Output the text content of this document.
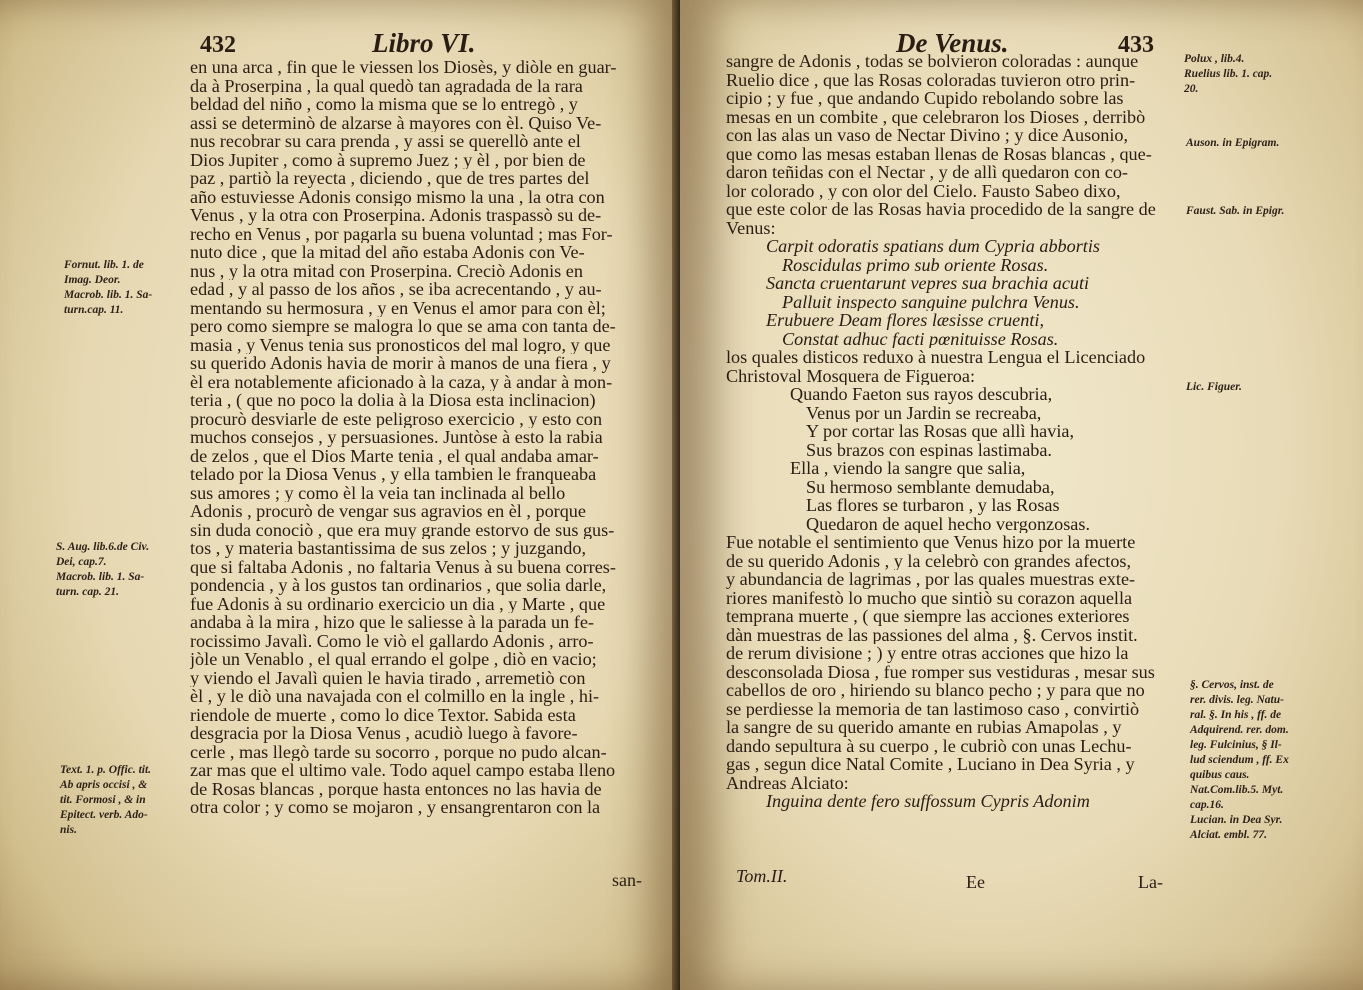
432	Libro VI.
en una arca , fin que le viessen los Diosès, y diòle en guar-
da à Proserpina , la qual quedò tan agradada de la rara
beldad del niño , como la misma que se lo entregò , y
assi se determinò de alzarse à mayores con èl. Quiso Ve-
nus recobrar su cara prenda , y assi se querellò ante el
Dios Jupiter , como à supremo Juez ; y èl , por bien de
paz , partiò la reyecta , diciendo , que de tres partes del
año estuviesse Adonis consigo mismo la una , la otra con
Venus , y la otra con Proserpina. Adonis traspassò su de-
recho en Venus , por pagarla su buena voluntad ; mas For-
nuto dice , que la mitad del año estaba Adonis con Ve-
nus , y la otra mitad con Proserpina. Creciò Adonis en
edad , y al passo de los años , se iba acrecentando , y au-
mentando su hermosura , y en Venus el amor para con èl;
pero como siempre se malogra lo que se ama con tanta de-
masia , y Venus tenia sus pronosticos del mal logro, y que
su querido Adonis havia de morir à manos de una fiera , y
èl era notablemente aficionado à la caza, y à andar à mon-
teria , ( que no poco la dolia à la Diosa esta inclinacion)
procurò desviarle de este peligroso exercicio , y esto con
muchos consejos , y persuasiones. Juntòse à esto la rabia
de zelos , que el Dios Marte tenia , el qual andaba amar-
telado por la Diosa Venus , y ella tambien le franqueaba
sus amores ; y como èl la veia tan inclinada al bello
Adonis , procurò de vengar sus agravios en èl , porque
sin duda conociò , que era muy grande estorvo de sus gus-
tos , y materia bastantissima de sus zelos ; y juzgando,
que si faltaba Adonis , no faltaria Venus à su buena corres-
pondencia , y à los gustos tan ordinarios , que solia darle,
fue Adonis à su ordinario exercicio un dia , y Marte , que
andaba à la mira , hizo que le saliesse à la parada un fe-
rocissimo Javalì. Como le viò el gallardo Adonis , arro-
jòle un Venablo , el qual errando el golpe , diò en vacio;
y viendo el Javalì quien le havia tirado , arremetiò con
èl , y le diò una navajada con el colmillo en la ingle , hi-
riendole de muerte , como lo dice Textor. Sabida esta
desgracia por la Diosa Venus , acudiò luego à favore-
cerle , mas llegò tarde su socorro , porque no pudo alcan-
zar mas que el ultimo vale. Todo aquel campo estaba lleno
de Rosas blancas , porque hasta entonces no las havia de
otra color ; y como se mojaron , y ensangrentaron con la
san-
Fornut. lib. 1. de
Imag. Deor.
Macrob. lib. 1. Sa-
turn.cap. 11.
S. Aug. lib.6.de Civ.
Dei, cap.7.
Macrob. lib. 1. Sa-
turn. cap. 21.
Text. 1. p. Offic. tit.
Ab apris occisi , &
tit. Formosi , & in
Epitect. verb. Ado-
nis.
De Venus.	433
sangre de Adonis , todas se bolvieron coloradas : aunque
Ruelio dice , que las Rosas coloradas tuvieron otro prin-
cipio ; y fue , que andando Cupido rebolando sobre las
mesas en un combite , que celebraron los Dioses , derribò
con las alas un vaso de Nectar Divino ; y dice Ausonio,
que como las mesas estaban llenas de Rosas blancas , que-
daron teñidas con el Nectar , y de allì quedaron con co-
lor colorado , y con olor del Cielo. Fausto Sabeo dixo,
que este color de las Rosas havia procedido de la sangre de
Venus:
Carpit odoratis spatians dum Cypria abbortis
Roscidulas primo sub oriente Rosas.
Sancta cruentarunt vepres sua brachia acuti
Palluit inspecto sanguine pulchra Venus.
Erubuere Deam flores læsisse cruenti,
Constat adhuc facti pœnituisse Rosas.
los quales disticos reduxo à nuestra Lengua el Licenciado
Christoval Mosquera de Figueroa:
Quando Faeton sus rayos descubria,
Venus por un Jardin se recreaba,
Y por cortar las Rosas que allì havia,
Sus brazos con espinas lastimaba.
Ella , viendo la sangre que salia,
Su hermoso semblante demudaba,
Las flores se turbaron , y las Rosas
Quedaron de aquel hecho vergonzosas.
Fue notable el sentimiento que Venus hizo por la muerte
de su querido Adonis , y la celebrò con grandes afectos,
y abundancia de lagrimas , por las quales muestras exte-
riores manifestò lo mucho que sintiò su corazon aquella
temprana muerte , ( que siempre las acciones exteriores
dàn muestras de las passiones del alma , §. Cervos instit.
de rerum divisione ; ) y entre otras acciones que hizo la
desconsolada Diosa , fue romper sus vestiduras , mesar sus
cabellos de oro , hiriendo su blanco pecho ; y para que no
se perdiesse la memoria de tan lastimoso caso , convirtiò
la sangre de su querido amante en rubias Amapolas , y
dando sepultura à su cuerpo , le cubriò con unas Lechu-
gas , segun dice Natal Comite , Luciano in Dea Syria , y
Andreas Alciato:
Inguina dente fero suffossum Cypris Adonim
Tom.II.	Ee	La-
Polux , lib.4.
Ruelius lib. 1. cap.
20.
Auson. in Epigram.
Faust. Sab. in Epigr.
Lic. Figuer.
§. Cervos, inst. de
rer. divis. leg. Natu-
ral. §. In his , ff. de
Adquirend. rer. dom.
leg. Fulcinius, § Il-
lud sciendum , ff. Ex
quibus caus.
Nat.Com.lib.5. Myt.
cap.16.
Lucian. in Dea Syr.
Alciat. embl. 77.
